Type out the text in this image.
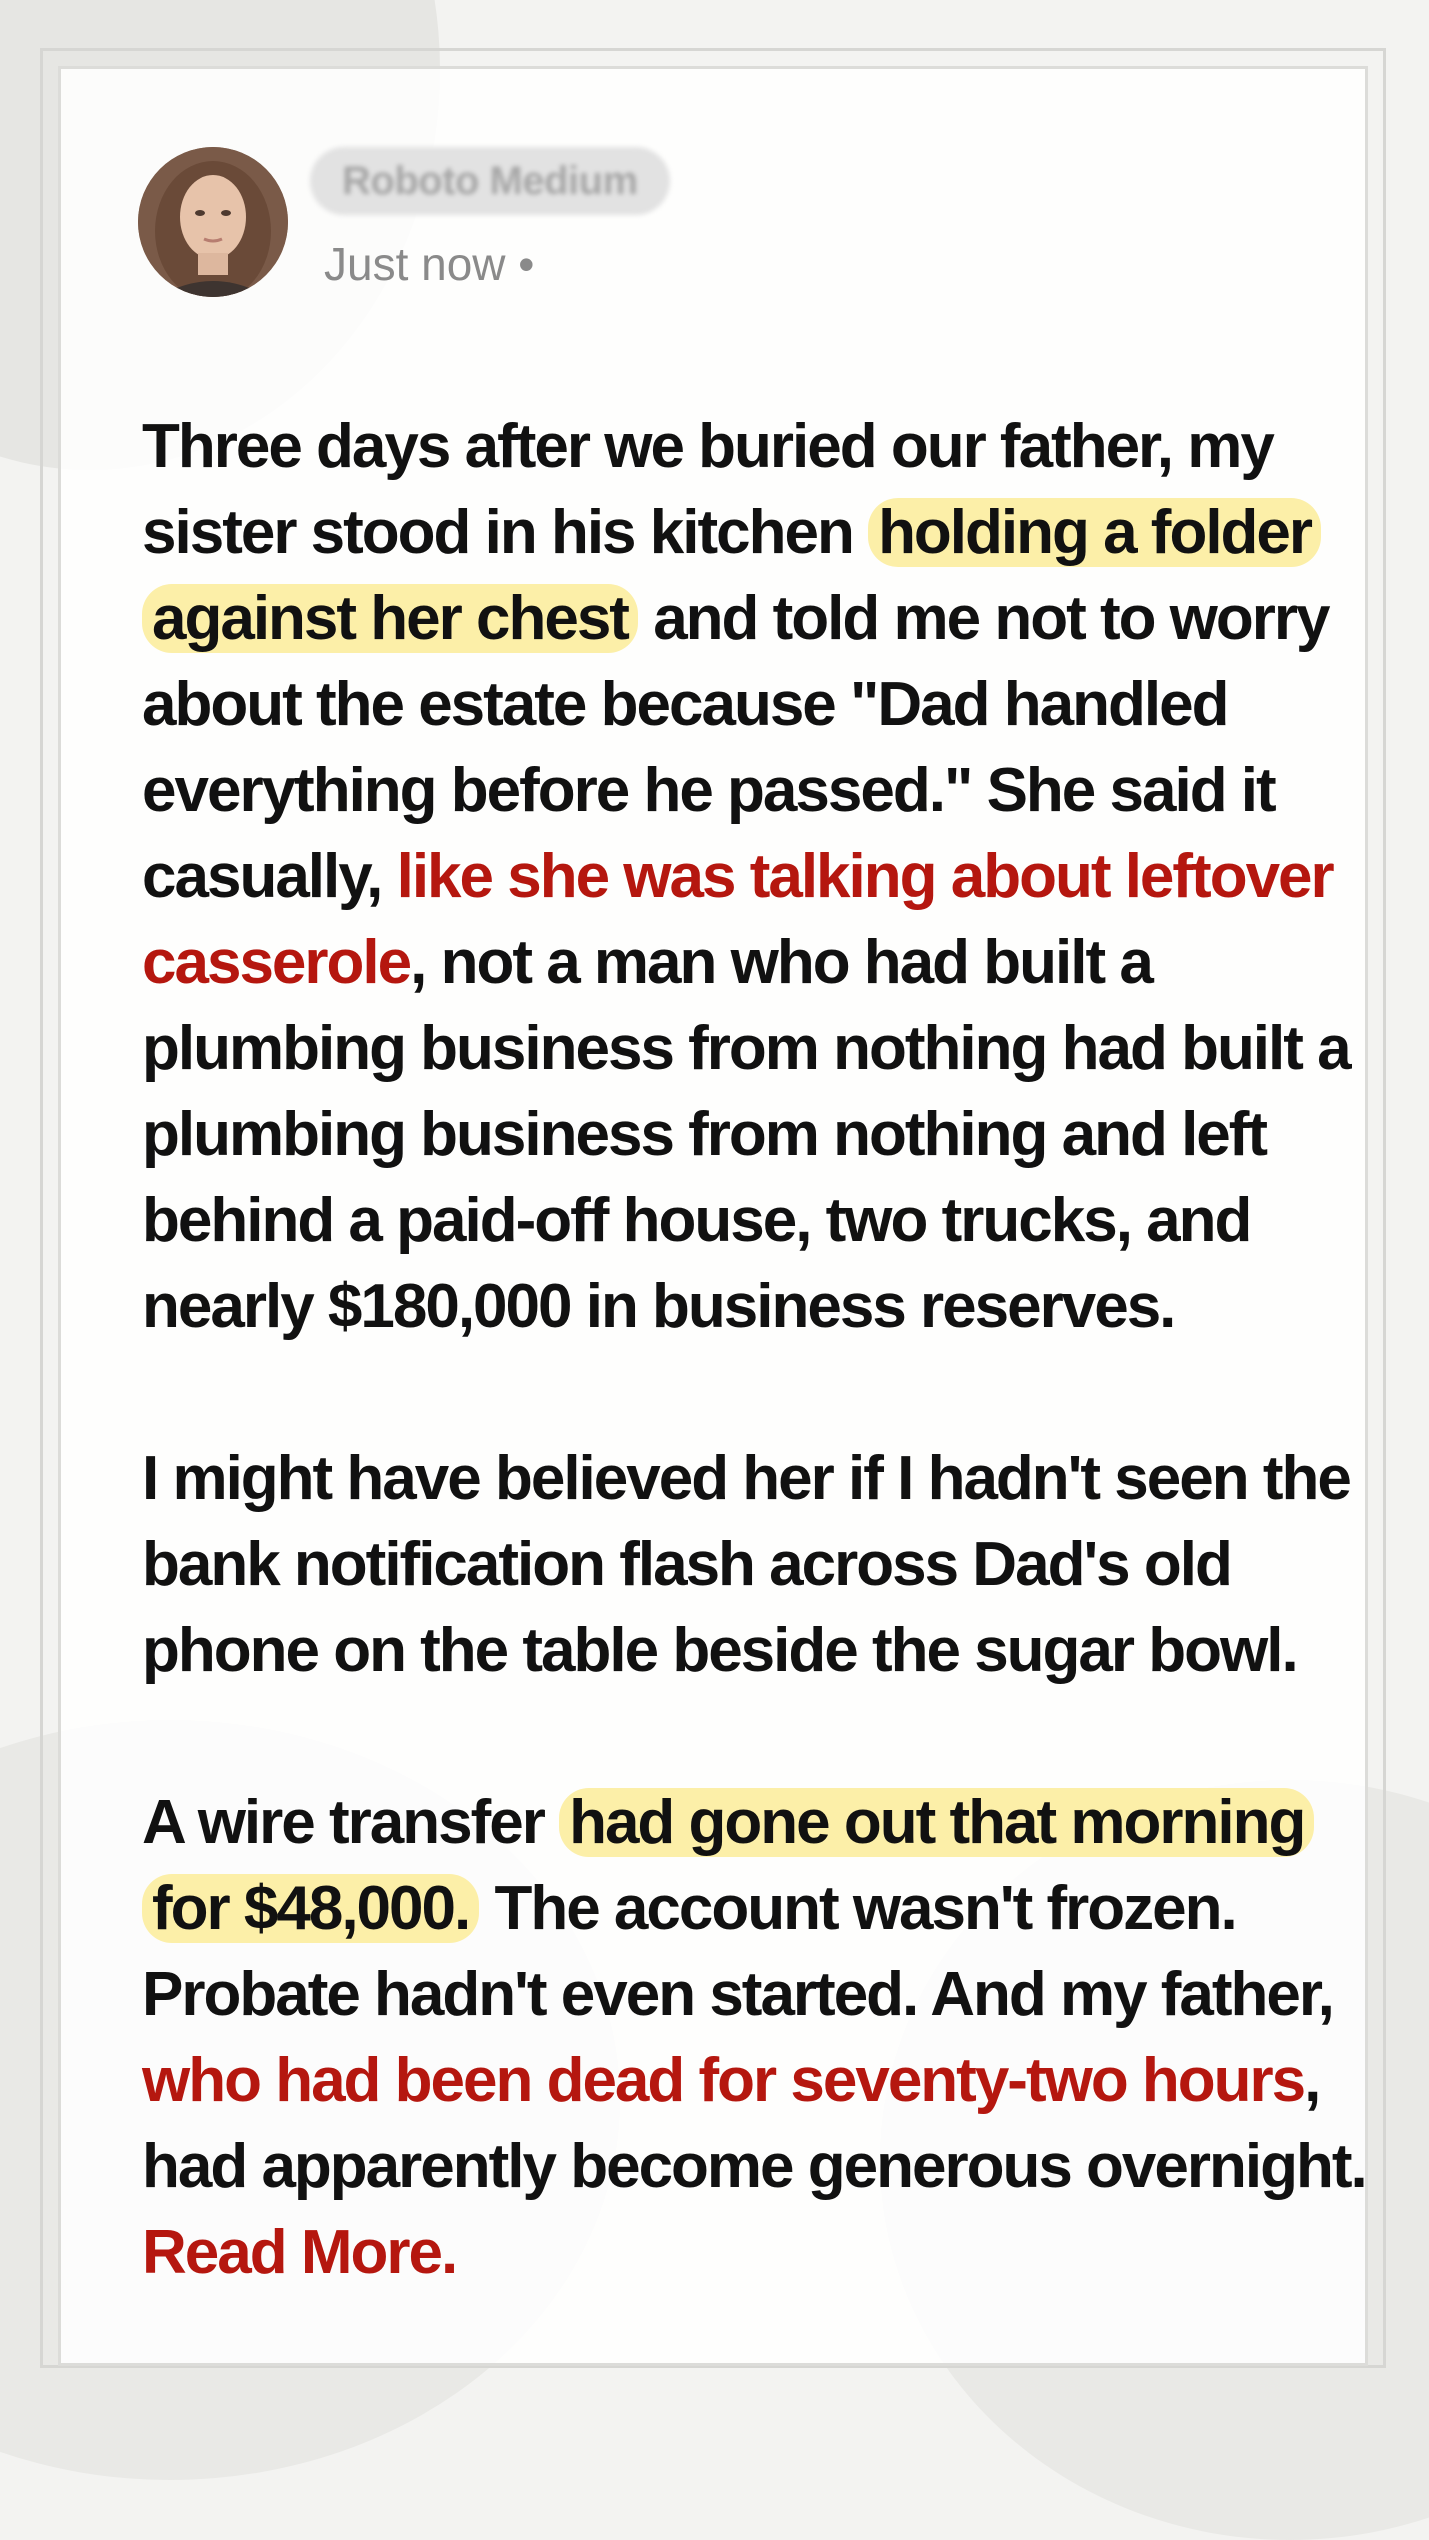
Roboto Medium
Just now •

Three days after we buried our father, my sister stood in his kitchen holding a folder against her chest and told me not to worry about the estate because "Dad handled everything before he passed." She said it casually, like she was talking about leftover casserole, not a man who had built a plumbing business from nothing had built a plumbing business from nothing and left behind a paid-off house, two trucks, and nearly $180,000 in business reserves.

I might have believed her if I hadn't seen the bank notification flash across Dad's old phone on the table beside the sugar bowl.

A wire transfer had gone out that morning for $48,000. The account wasn't frozen. Probate hadn't even started. And my father, who had been dead for seventy-two hours, had apparently become generous overnight. Read More.
